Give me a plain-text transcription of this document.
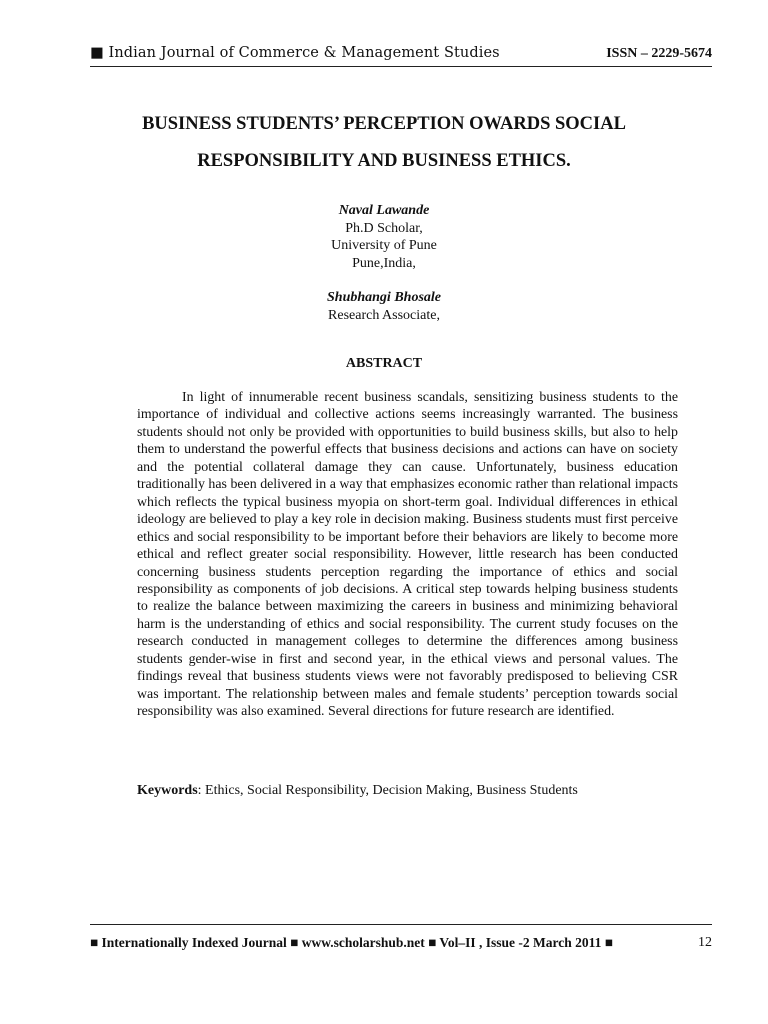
■ Indian Journal of Commerce & Management Studies	ISSN – 2229-5674
BUSINESS STUDENTS’ PERCEPTION OWARDS SOCIAL
RESPONSIBILITY AND BUSINESS ETHICS.
Naval Lawande
Ph.D Scholar,
University of Pune
Pune,India,
Shubhangi Bhosale
Research Associate,
ABSTRACT

In light of innumerable recent business scandals, sensitizing business students to the importance of individual and collective actions seems increasingly warranted. The business students should not only be provided with opportunities to build business skills, but also to help them to understand the powerful effects that business decisions and actions can have on society and the potential collateral damage they can cause. Unfortunately, business education traditionally has been delivered in a way that emphasizes economic rather than relational impacts which reflects the typical business myopia on short-term goal. Individual differences in ethical ideology are believed to play a key role in decision making. Business students must first perceive ethics and social responsibility to be important before their behaviors are likely to become more ethical and reflect greater social responsibility. However, little research has been conducted concerning business students perception regarding the importance of ethics and social responsibility as components of job decisions. A critical step towards helping business students to realize the balance between maximizing the careers in business and minimizing behavioral harm is the understanding of ethics and social responsibility. The current study focuses on the research conducted in management colleges to determine the differences among business students gender-wise in first and second year, in the ethical views and personal values. The findings reveal that business students views were not favorably predisposed to believing CSR was important. The relationship between males and female students’ perception towards social responsibility was also examined. Several directions for future research are identified.

Keywords: Ethics, Social Responsibility, Decision Making, Business Students
■ Internationally Indexed Journal ■ www.scholarshub.net ■ Vol–II , Issue -2 March 2011 ■	12
